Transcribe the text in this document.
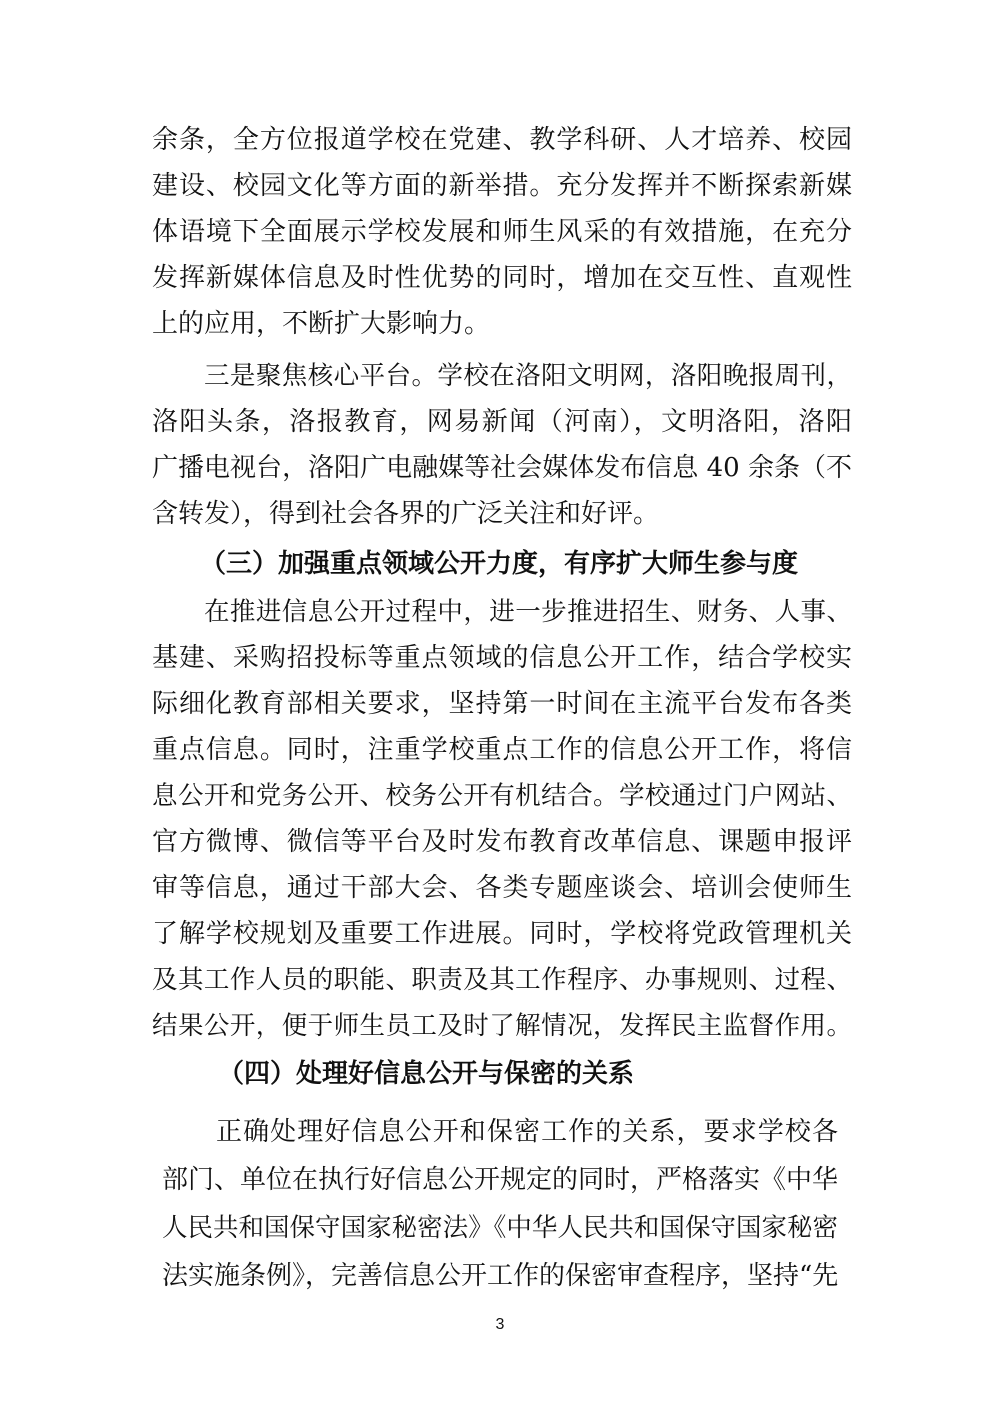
余条，全方位报道学校在党建、教学科研、人才培养、校园
建设、校园文化等方面的新举措。充分发挥并不断探索新媒
体语境下全面展示学校发展和师生风采的有效措施，在充分
发挥新媒体信息及时性优势的同时，增加在交互性、直观性
上的应用，不断扩大影响力。
三是聚焦核心平台。学校在洛阳文明网，洛阳晚报周刊，
洛阳头条，洛报教育，网易新闻（河南），文明洛阳，洛阳
广播电视台，洛阳广电融媒等社会媒体发布信息 40 余条（不
含转发），得到社会各界的广泛关注和好评。
（三）加强重点领域公开力度，有序扩大师生参与度
在推进信息公开过程中，进一步推进招生、财务、人事、
基建、采购招投标等重点领域的信息公开工作，结合学校实
际细化教育部相关要求，坚持第一时间在主流平台发布各类
重点信息。同时，注重学校重点工作的信息公开工作，将信
息公开和党务公开、校务公开有机结合。学校通过门户网站、
官方微博、微信等平台及时发布教育改革信息、课题申报评
审等信息，通过干部大会、各类专题座谈会、培训会使师生
了解学校规划及重要工作进展。同时，学校将党政管理机关
及其工作人员的职能、职责及其工作程序、办事规则、过程、
结果公开，便于师生员工及时了解情况，发挥民主监督作用。
（四）处理好信息公开与保密的关系
正确处理好信息公开和保密工作的关系，要求学校各
部门、单位在执行好信息公开规定的同时，严格落实《中华
人民共和国保守国家秘密法》《中华人民共和国保守国家秘密
法实施条例》，完善信息公开工作的保密审查程序，坚持“先
3
